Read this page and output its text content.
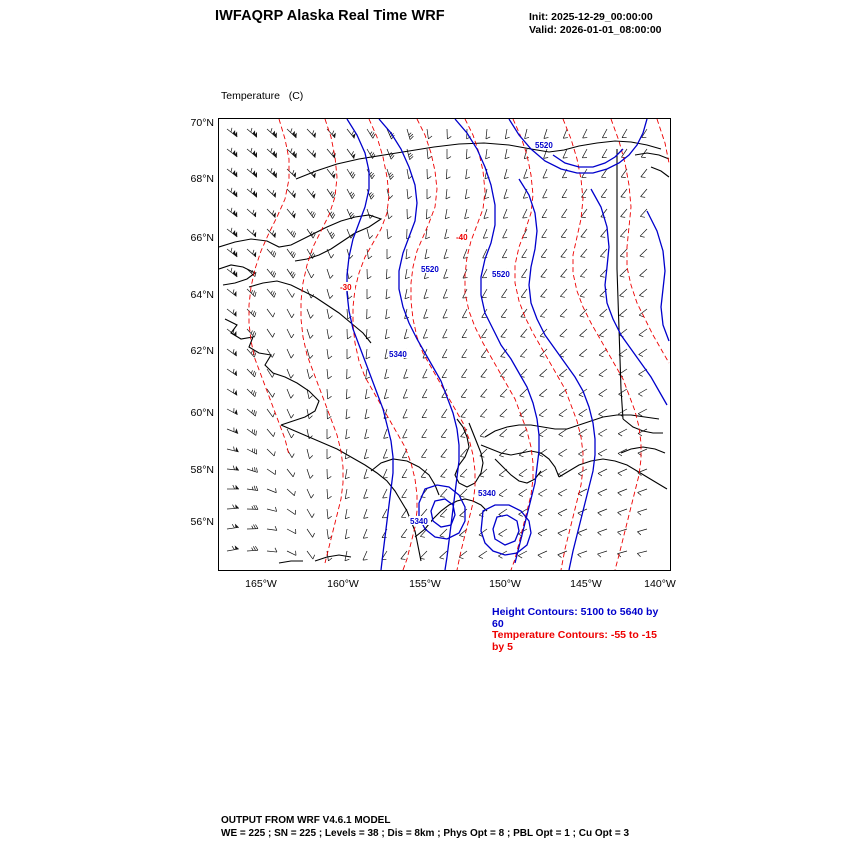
IWFAQRP Alaska Real Time WRF	Init: 2025-12-29_00:00:00
Valid: 2026-01-01_08:00:00

Temperature   (C)

70°N
68°N
66°N
64°N
62°N
60°N
58°N
56°N
165°W	160°W	155°W	150°W	145°W	140°W
5520
5520
5520
5340
5340
5340
-40
-30
Height Contours: 5100 to 5640 by 60
Temperature Contours: -55 to -15 by 5
OUTPUT FROM WRF V4.6.1 MODEL
WE = 225 ; SN = 225 ; Levels = 38 ; Dis = 8km ; Phys Opt = 8 ; PBL Opt = 1 ; Cu Opt = 3
